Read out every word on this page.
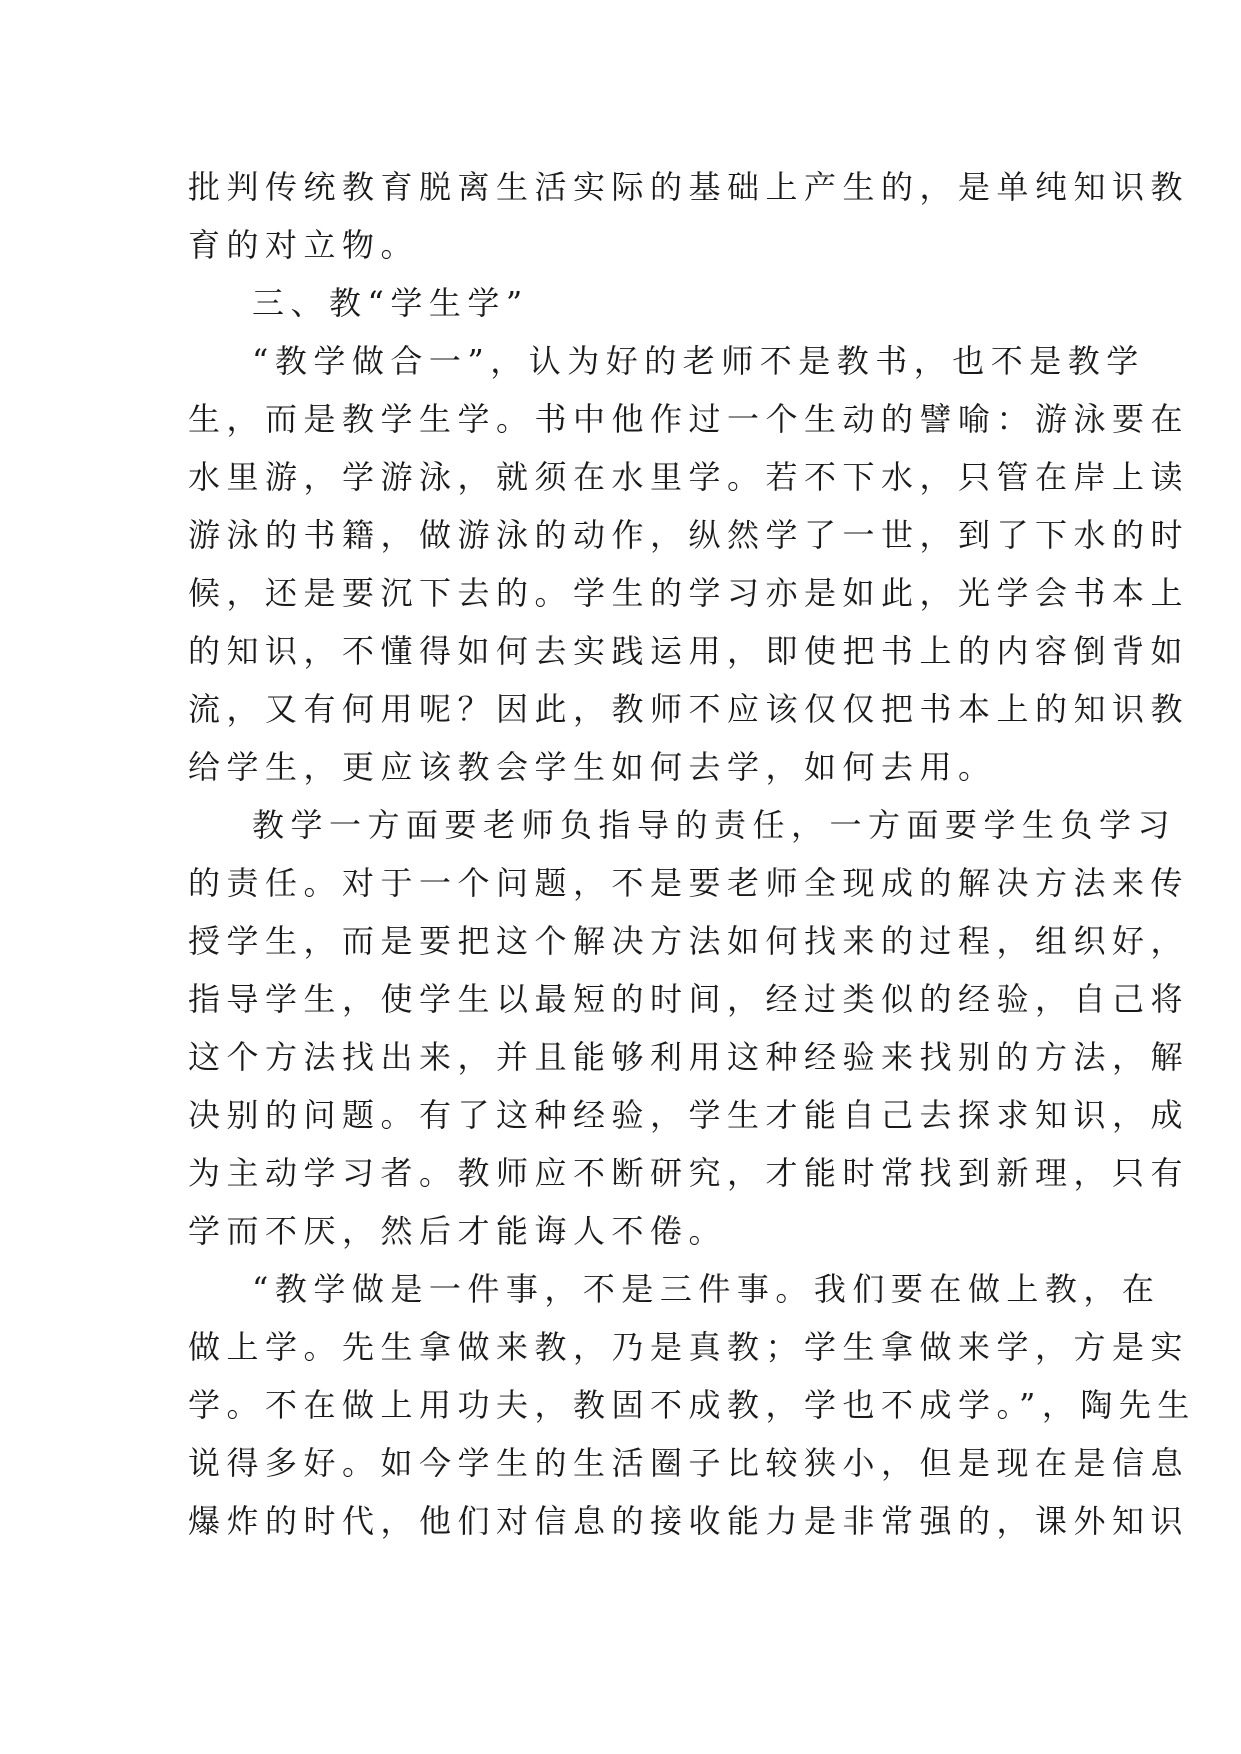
批判传统教育脱离生活实际的基础上产生的，是单纯知识教

育的对立物。

三、教“学生学”

“教学做合一”，认为好的老师不是教书，也不是教学

生，而是教学生学。书中他作过一个生动的譬喻：游泳要在

水里游，学游泳，就须在水里学。若不下水，只管在岸上读

游泳的书籍，做游泳的动作，纵然学了一世，到了下水的时

候，还是要沉下去的。学生的学习亦是如此，光学会书本上

的知识，不懂得如何去实践运用，即使把书上的内容倒背如

流，又有何用呢？因此，教师不应该仅仅把书本上的知识教

给学生，更应该教会学生如何去学，如何去用。

教学一方面要老师负指导的责任，一方面要学生负学习

的责任。对于一个问题，不是要老师全现成的解决方法来传

授学生，而是要把这个解决方法如何找来的过程，组织好，

指导学生，使学生以最短的时间，经过类似的经验，自己将

这个方法找出来，并且能够利用这种经验来找别的方法，解

决别的问题。有了这种经验，学生才能自己去探求知识，成

为主动学习者。教师应不断研究，才能时常找到新理，只有

学而不厌，然后才能诲人不倦。

“教学做是一件事，不是三件事。我们要在做上教，在

做上学。先生拿做来教，乃是真教；学生拿做来学，方是实

学。不在做上用功夫，教固不成教，学也不成学。”，陶先生

说得多好。如今学生的生活圈子比较狭小，但是现在是信息

爆炸的时代，他们对信息的接收能力是非常强的，课外知识
